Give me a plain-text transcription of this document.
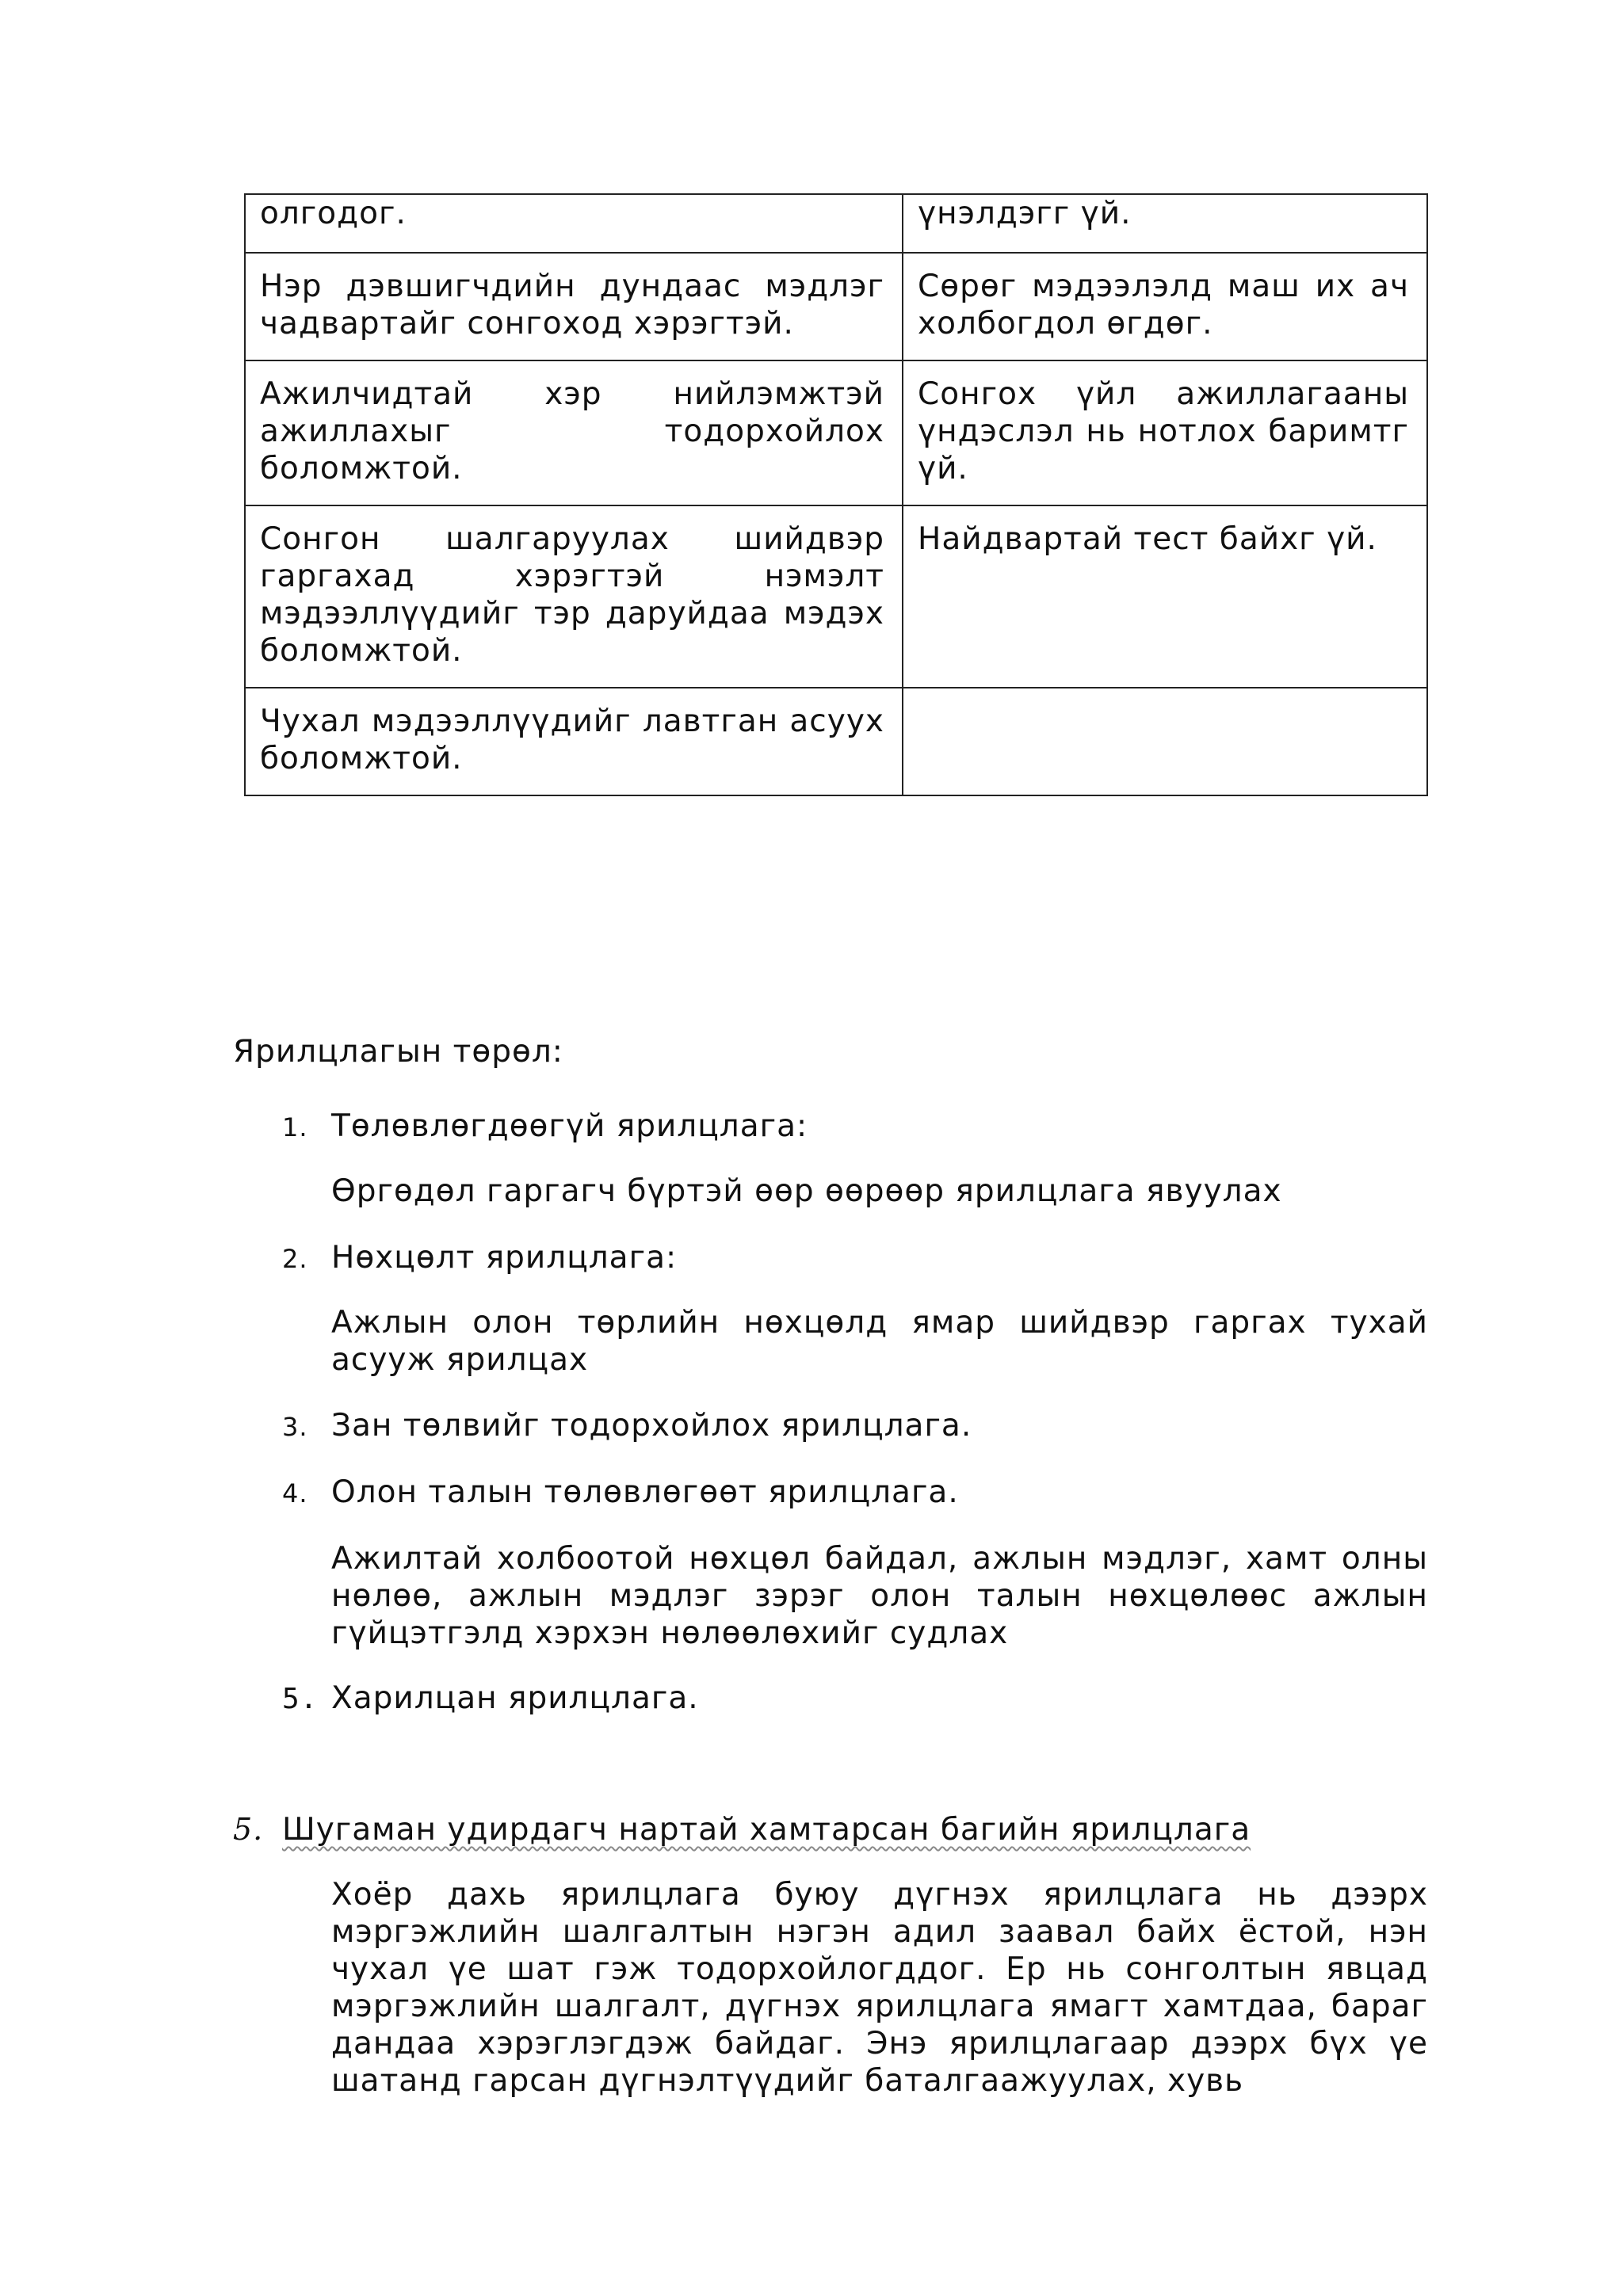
олгодог.	үнэлдэгг үй.
Нэр дэвшигчдийн дундаас мэдлэг чадвартайг сонгоход хэрэгтэй.	Сөрөг мэдээлэлд маш их ач холбогдол өгдөг.
Ажилчидтай хэр нийлэмжтэй ажиллахыг тодорхойлох боломжтой.	Сонгох үйл ажиллагааны үндэслэл нь нотлох баримтг үй.
Сонгон шалгаруулах шийдвэр гаргахад хэрэгтэй нэмэлт мэдээллүүдийг тэр даруйдаа мэдэх боломжтой.	Найдвартай тест байхг үй.
Чухал мэдээллүүдийг лавтган асуух боломжтой.	
Ярилцлагын төрөл:
1. Төлөвлөгдөөгүй ярилцлага:
Өргөдөл гаргагч бүртэй өөр өөрөөр ярилцлага явуулах
2. Нөхцөлт ярилцлага:
Ажлын олон төрлийн нөхцөлд ямар шийдвэр гаргах тухай асууж ярилцах
3. Зан төлвийг тодорхойлох ярилцлага.
4. Олон талын төлөвлөгөөт ярилцлага.
Ажилтай холбоотой нөхцөл байдал, ажлын мэдлэг, хамт олны нөлөө, ажлын мэдлэг зэрэг олон талын нөхцөлөөс ажлын гүйцэтгэлд хэрхэн нөлөөлөхийг судлах
5. Харилцан ярилцлага.
5. Шугаман удирдагч нартай хамтарсан багийн ярилцлага
Хоёр дахь ярилцлага буюу дүгнэх ярилцлага нь дээрх мэргэжлийн шалгалтын нэгэн адил заавал байх ёстой, нэн чухал үе шат гэж тодорхойлогддог. Ер нь сонголтын явцад мэргэжлийн шалгалт, дүгнэх ярилцлага ямагт хамтдаа, бараг дандаа хэрэглэгдэж байдаг. Энэ ярилцлагаар дээрх бүх үе шатанд гарсан дүгнэлтүүдийг баталгаажуулах, хувь
